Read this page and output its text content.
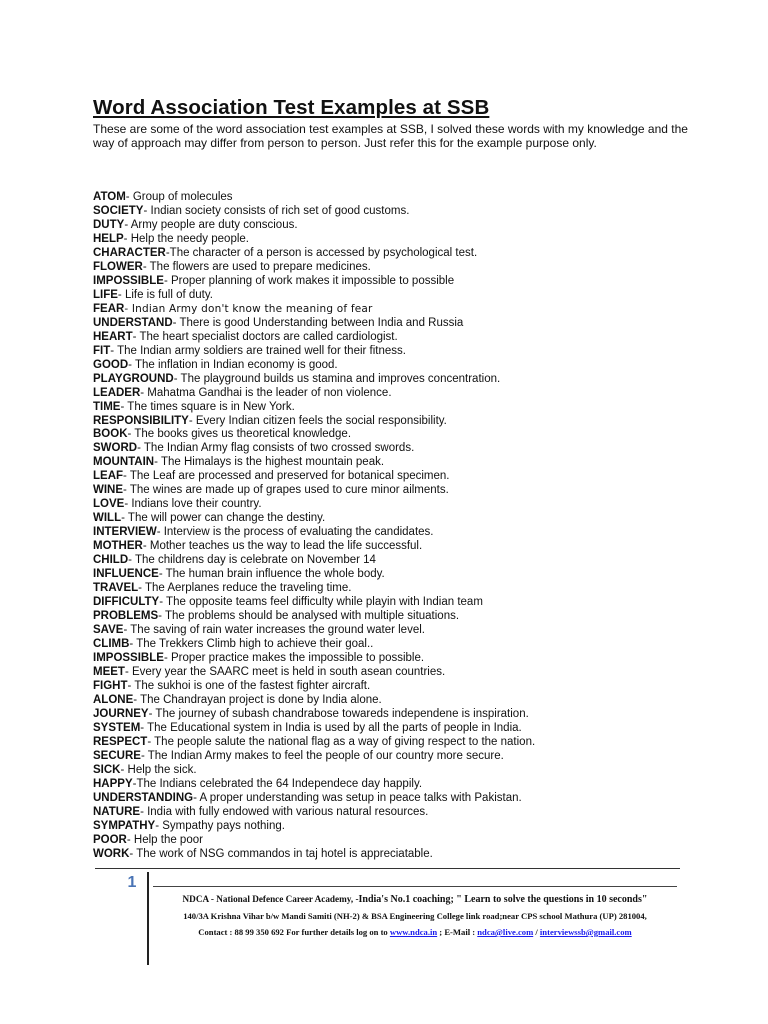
Word Association Test Examples at SSB
These are some of the word association test examples at SSB, I solved these words with my knowledge and the way of approach may differ from person to person. Just refer this for the example purpose only.
ATOM- Group of molecules
SOCIETY- Indian society consists of rich set of good customs.
DUTY- Army people are duty conscious.
HELP- Help the needy people.
CHARACTER-The character of a person is accessed by psychological test.
FLOWER- The flowers are used to prepare medicines.
IMPOSSIBLE- Proper planning of work makes it impossible to possible
LIFE- Life is full of duty.
FEAR- Indian Army don't know the meaning of fear
UNDERSTAND- There is good Understanding between India and Russia
HEART- The heart specialist doctors are called cardiologist.
FIT- The Indian army soldiers are trained well for their fitness.
GOOD- The inflation in Indian economy is good.
PLAYGROUND- The playground builds us stamina and improves concentration.
LEADER- Mahatma Gandhai is the leader of non violence.
TIME- The times square is in New York.
RESPONSIBILITY- Every Indian citizen feels the social responsibility.
BOOK- The books gives us theoretical knowledge.
SWORD- The Indian Army flag consists of two crossed swords.
MOUNTAIN- The Himalays is the highest mountain peak.
LEAF- The Leaf are processed and preserved for botanical specimen.
WINE- The wines are made up of grapes used to cure minor ailments.
LOVE- Indians love their country.
WILL- The will power can change the destiny.
INTERVIEW- Interview is the process of evaluating the candidates.
MOTHER- Mother teaches us the way to lead the life successful.
CHILD- The childrens day is celebrate on November 14
INFLUENCE- The human brain influence the whole body.
TRAVEL- The Aerplanes reduce the traveling time.
DIFFICULTY- The opposite teams feel difficulty while playin with Indian team
PROBLEMS- The problems should be analysed with multiple situations.
SAVE- The saving of rain water increases the ground water level.
CLIMB- The Trekkers Climb high to achieve their goal..
IMPOSSIBLE- Proper practice makes the impossible to possible.
MEET- Every year the SAARC meet is held in south asean countries.
FIGHT- The sukhoi is one of the fastest fighter aircraft.
ALONE- The Chandrayan project is done by India alone.
JOURNEY- The journey of subash chandrabose towareds independene is inspiration.
SYSTEM- The Educational system in India is used by all the parts of people in India.
RESPECT- The people salute the national flag as a way of giving respect to the nation.
SECURE- The Indian Army makes to feel the people of our country more secure.
SICK- Help the sick.
HAPPY-The Indians celebrated the 64 Independece day happily.
UNDERSTANDING- A proper understanding was setup in peace talks with Pakistan.
NATURE- India with fully endowed with various natural resources.
SYMPATHY- Sympathy pays nothing.
POOR- Help the poor
WORK- The work of NSG commandos in taj hotel is appreciatable.
1
NDCA - National Defence Career Academy, -India's No.1 coaching; " Learn to solve the questions in 10 seconds"
140/3A Krishna Vihar b/w Mandi Samiti (NH-2) & BSA Engineering College link road;near CPS school Mathura (UP) 281004,
Contact : 88 99 350 692 For further details log on to www.ndca.in ; E-Mail : ndca@live.com / interviewssb@gmail.com
